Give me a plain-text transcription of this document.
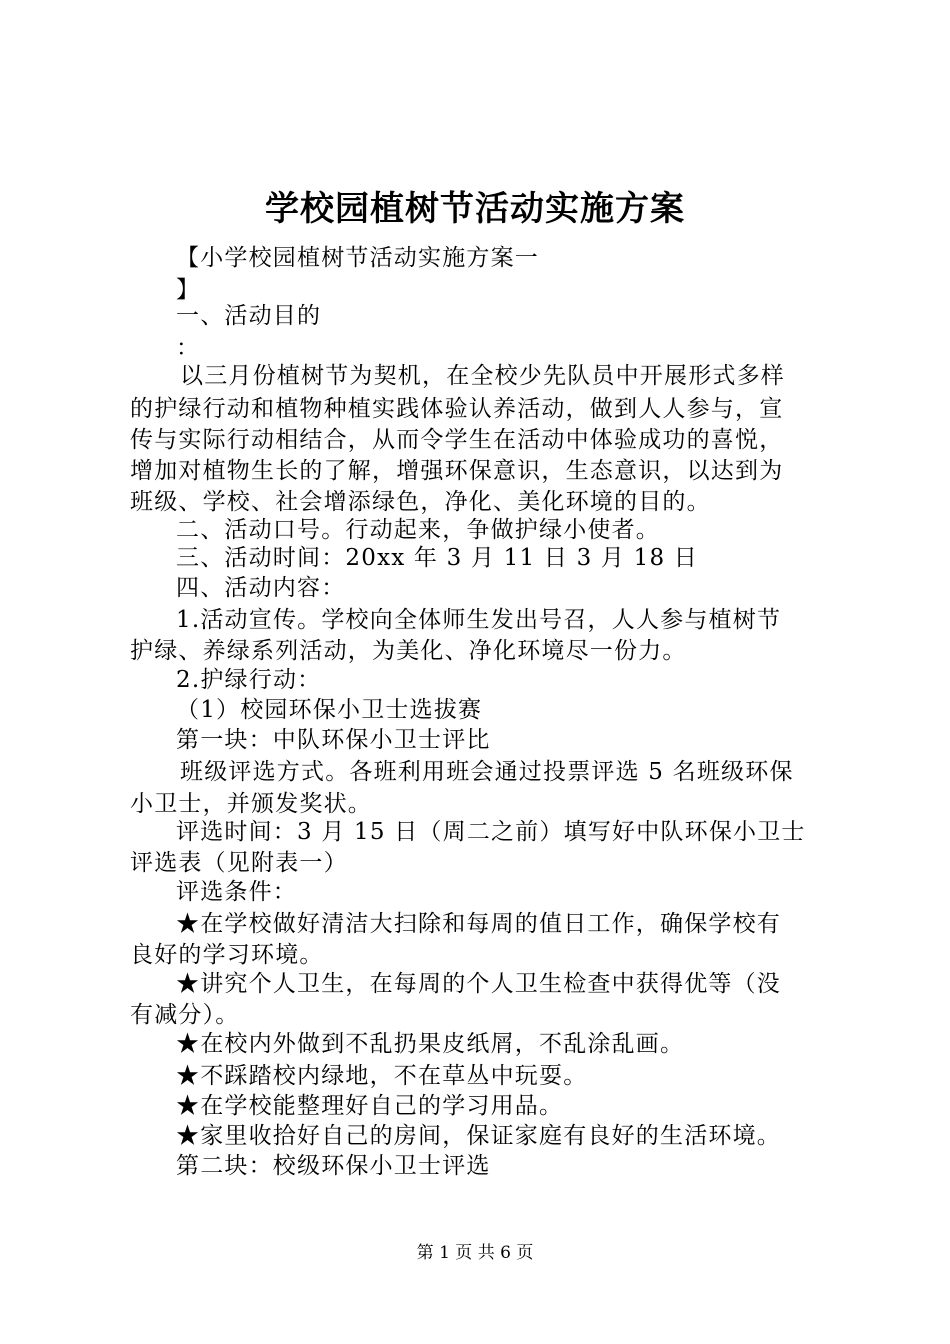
学校园植树节活动实施方案
【小学校园植树节活动实施方案一
】
一、活动目的
：
以三月份植树节为契机，在全校少先队员中开展形式多样
的护绿行动和植物种植实践体验认养活动，做到人人参与，宣
传与实际行动相结合，从而令学生在活动中体验成功的喜悦，
增加对植物生长的了解，增强环保意识，生态意识，以达到为
班级、学校、社会增添绿色，净化、美化环境的目的。
二、活动口号。行动起来，争做护绿小使者。
三、活动时间：20xx 年 3 月 11 日 3 月 18 日
四、活动内容：
1.活动宣传。学校向全体师生发出号召，人人参与植树节
护绿、养绿系列活动，为美化、净化环境尽一份力。
2.护绿行动：
（1）校园环保小卫士选拔赛
第一块：中队环保小卫士评比
班级评选方式。各班利用班会通过投票评选 5 名班级环保
小卫士，并颁发奖状。
评选时间：3 月 15 日（周二之前）填写好中队环保小卫士
评选表（见附表一）
评选条件：
★在学校做好清洁大扫除和每周的值日工作，确保学校有
良好的学习环境。
★讲究个人卫生，在每周的个人卫生检查中获得优等（没
有减分）。
★在校内外做到不乱扔果皮纸屑，不乱涂乱画。
★不踩踏校内绿地，不在草丛中玩耍。
★在学校能整理好自己的学习用品。
★家里收拾好自己的房间，保证家庭有良好的生活环境。
第二块：校级环保小卫士评选
第 1 页 共 6 页
